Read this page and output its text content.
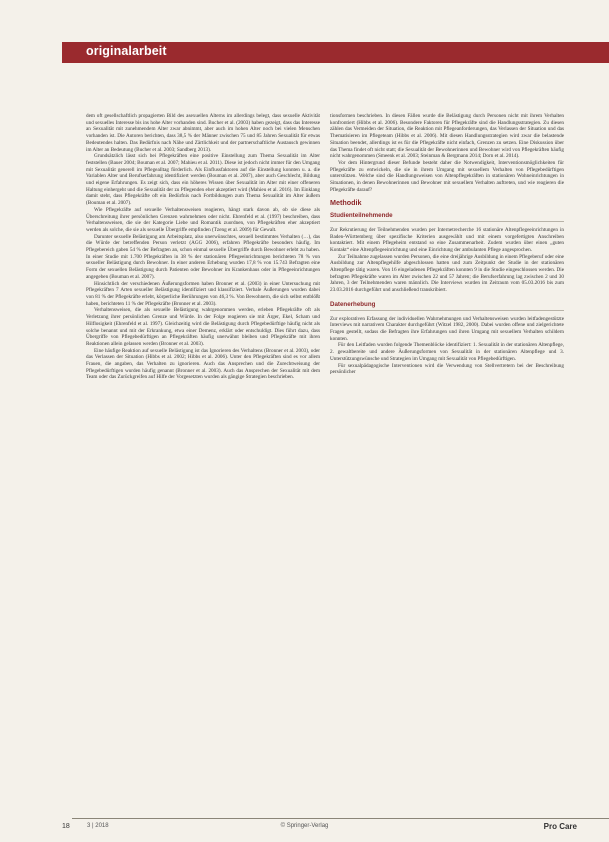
originalarbeit

dem oft gesellschaftlich propagierten Bild des asexuellen Alterns im allerdings belegt, dass sexuelle Aktivität und sexuelles Interesse bis ins hohe Alter vorhanden sind. Bucher et al. (2003) haben gezeigt, dass das Interesse an Sexualität mit zunehmendem Alter zwar abnimmt, aber auch im hohen Alter noch bei vielen Menschen vorhanden ist. Die Autoren berichten, dass 38,5 % der Männer zwischen 75 und 85 Jahren Sexualität für etwas Bedeutendes halten. Das Bedürfnis nach Nähe und Zärtlichkeit und der partnerschaftliche Austausch gewinnen im Alter an Bedeutung (Bucher et al. 2003; Sandberg 2013).

Grundsätzlich lässt sich bei Pflegekräften eine positive Einstellung zum Thema Sexualität im Alter feststellen (Bauer 2004; Bouman et al. 2007; Mahieu et al. 2011). Diese ist jedoch nicht immer für den Umgang mit Sexualität generell im Pflegealltag förderlich. Als Einflussfaktoren auf die Einstellung konnten u. a. die Variablen Alter und Berufserfahrung identifiziert werden (Bouman et al. 2007), aber auch Geschlecht, Bildung und eigene Erfahrungen. Es zeigt sich, dass ein höheres Wissen über Sexualität im Alter mit einer offeneren Haltung einhergeht und die Sexualität der zu Pflegenden eher akzeptiert wird (Mahieu et al. 2016). Im Einklang damit steht, dass Pflegekräfte oft ein Bedürfnis nach Fortbildungen zum Thema Sexualität im Alter äußern (Bouman et al. 2007).

Wie Pflegekräfte auf sexuelle Verhaltensweisen reagieren, hängt stark davon ab, ob sie diese als Überschreitung ihrer persönlichen Grenzen wahrnehmen oder nicht. Ehrenfeld et al. (1997) beschreiben, dass Verhaltensweisen, die sie der Kategorie Liebe und Romantik zuordnen, von Pflegekräften eher akzeptiert werden als solche, die sie als sexuelle Übergriffe empfinden (Tzeng et al. 2009) für Gewalt.

Darunter sexuelle Belästigung am Arbeitsplatz, also unerwünschtes, sexuell bestimmtes Verhalten (…), das die Würde der betreffenden Person verletzt (AGG 2006), erfahren Pflegekräfte besonders häufig. Im Pflegebereich gaben 54 % der Befragten an, schon einmal sexuelle Übergriffe durch Bewohner erlebt zu haben. In einer Studie mit 1.700 Pflegekräften in 38 % der stationären Pflegeeinrichtungen berichteten 78 % von sexueller Belästigung durch Bewohner. In einer anderen Erhebung wurden 17,8 % von 15.743 Befragten eine Form der sexuellen Belästigung durch Patienten oder Bewohner im Krankenhaus oder in Pflegeeinrichtungen angegeben (Bouman et al. 2007).

Hinsichtlich der verschiedenen Äußerungsformen haben Bronner et al. (2003) in einer Untersuchung mit Pflegekräften 7 Arten sexueller Belästigung identifiziert und klassifiziert. Verbale Äußerungen wurden dabei von 81 % der Pflegekräfte erlebt, körperliche Berührungen von 46,3 %. Von Bewohnern, die sich selbst entblößt haben, berichteten 11 % der Pflegekräfte (Bronner et al. 2003).

Verhaltensweisen, die als sexuelle Belästigung wahrgenommen werden, erleben Pflegekräfte oft als Verletzung ihrer persönlichen Grenze und Würde. In der Folge reagieren sie mit Ärger, Ekel, Scham und Hilflosigkeit (Ehrenfeld et al. 1997). Gleichzeitig wird die Belästigung durch Pflegebedürftige häufig nicht als solche benannt und mit der Erkrankung, etwa einer Demenz, erklärt oder entschuldigt. Dies führt dazu, dass Übergriffe von Pflegebedürftigen an Pflegekräften häufig unerwähnt bleiben und Pflegekräfte mit ihren Reaktionen allein gelassen werden (Bronner et al. 2003).

Eine häufige Reaktion auf sexuelle Belästigung ist das Ignorieren des Verhaltens (Bronner et al. 2003), oder das Verlassen der Situation (Hibbs et al. 2002; Hibbs et al. 2006). Unter den Pflegekräften sind es vor allem Frauen, die angaben, das Verhalten zu ignorieren. Auch das Ansprechen und die Zurechtweisung der Pflegebedürftigen wurden häufig genannt (Bronner et al. 2003). Auch das Ansprechen der Sexualität mit dem Team oder das Zurückgreifen auf Hilfe der Vorgesetzten wurden als gängige Strategien beschrieben.

tionsformen beschrieben. In diesen Fällen wurde die Belästigung durch Personen nicht mit ihrem Verhalten konfrontiert (Hibbs et al. 2006). Besondere Faktoren für Pflegekräfte sind die Handlungsstrategien. Zu diesen zählen das Vermeiden der Situation, die Reaktion mit Pflegeanforderungen, das Verlassen der Situation und das Thematisieren im Pflegeteam (Hibbs et al. 2006). Mit diesen Handlungsstrategien wird zwar die belastende Situation beendet, allerdings ist es für die Pflegekräfte nicht einfach, Grenzen zu setzen. Eine Diskussion über das Thema findet oft nicht statt; die Sexualität der Bewohnerinnen und Bewohner wird von Pflegekräften häufig nicht wahrgenommen (Smeenk et al. 2003; Steinman & Bergmann 2014; Dorn et al. 2014).

Vor dem Hintergrund dieser Befunde besteht daher die Notwendigkeit, Interventionsmöglichkeiten für Pflegekräfte zu entwickeln, die sie in ihrem Umgang mit sexuellem Verhalten von Pflegebedürftigen unterstützen. Welche sind die Handlungsweisen von Altenpflegekräften in stationären Wohneinrichtungen in Situationen, in denen Bewohnerinnen und Bewohner mit sexuellem Verhalten auftreten, und wie reagieren die Pflegekräfte darauf?

Methodik
Studienteilnehmende

Zur Rekrutierung der Teilnehmenden wurden per Internetrecherche 16 stationäre Altenpflegeeinrichtungen in Baden-Württemberg über spezifische Kriterien ausgewählt und mit einem vorgefertigten Anschreiben kontaktiert. Mit einem Pflegeheim entstand so eine Zusammenarbeit. Zudem wurden über einen „guten Kontakt“ eine Altenpflegeeinrichtung und eine Einrichtung der ambulanten Pflege angesprochen.

Zur Teilnahme zugelassen wurden Personen, die eine dreijährige Ausbildung in einem Pflegeberuf oder eine Ausbildung zur Altenpflegehilfe abgeschlossen hatten und zum Zeitpunkt der Studie in der stationären Altenpflege tätig waren. Von 16 eingeladenen Pflegekräften konnten 9 in die Studie eingeschlossen werden. Die befragten Pflegekräfte waren im Alter zwischen 22 und 57 Jahren; die Berufserfahrung lag zwischen 2 und 30 Jahren, 3 der Teilnehmenden waren männlich. Die Interviews wurden im Zeitraum vom 05.03.2016 bis zum 23.03.2016 durchgeführt und anschließend transkribiert.

Datenerhebung

Zur explorativen Erfassung der individuellen Wahrnehmungen und Verhaltensweisen wurden leitfadengestützte Interviews mit narrativem Charakter durchgeführt (Witzel 1982, 2000). Dabei wurden offene und zielgerichtete Fragen gestellt, sodass die Befragten ihre Erfahrungen und ihren Umgang mit sexuellem Verhalten schildern konnten.

Für den Leitfaden wurden folgende Themenblöcke identifiziert: 1. Sexualität in der stationären Altenpflege, 2. gewaltbereite und andere Äußerungsformen von Sexualität in der stationären Altenpflege und 3. Unterstützungswünsche und Strategien im Umgang mit Sexualität von Pflegebedürftigen.

Für sexualpädagogische Interventionen wird die Verwendung von Stellvertretern bei der Beschreibung persönlicher

18	3 | 2018	© Springer-Verlag	Pro Care
